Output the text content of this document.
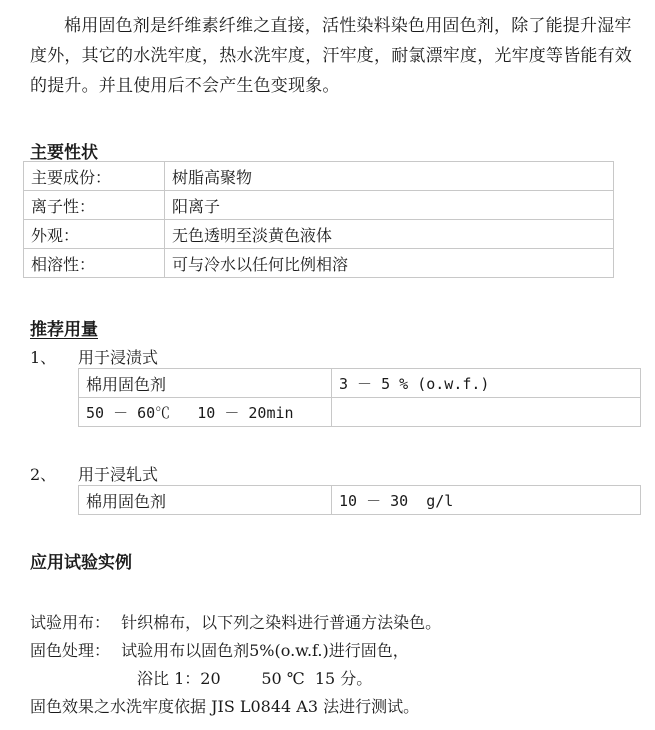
棉用固色剂是纤维素纤维之直接，活性染料染色用固色剂，除了能提升湿牢度外，其它的水洗牢度，热水洗牢度，汗牢度，耐氯漂牢度，光牢度等皆能有效的提升。并且使用后不会产生色变现象。
主要性状
主要成份：	树脂高聚物
离子性：	阳离子
外观：	无色透明至淡黄色液体
相溶性：	可与冷水以任何比例相溶
推荐用量
1、 用于浸渍式
棉用固色剂	3 － 5 % (o.w.f.)
50 － 60℃   10 － 20min	
2、 用于浸轧式
棉用固色剂	10 － 30  g/l
应用试验实例
试验用布： 针织棉布，以下列之染料进行普通方法染色。
固色处理： 试验用布以固色剂5%(o.w.f.)进行固色，
浴比 1：20        50 ℃  15 分。
固色效果之水洗牢度依据 JIS L0844 A3 法进行测试。
